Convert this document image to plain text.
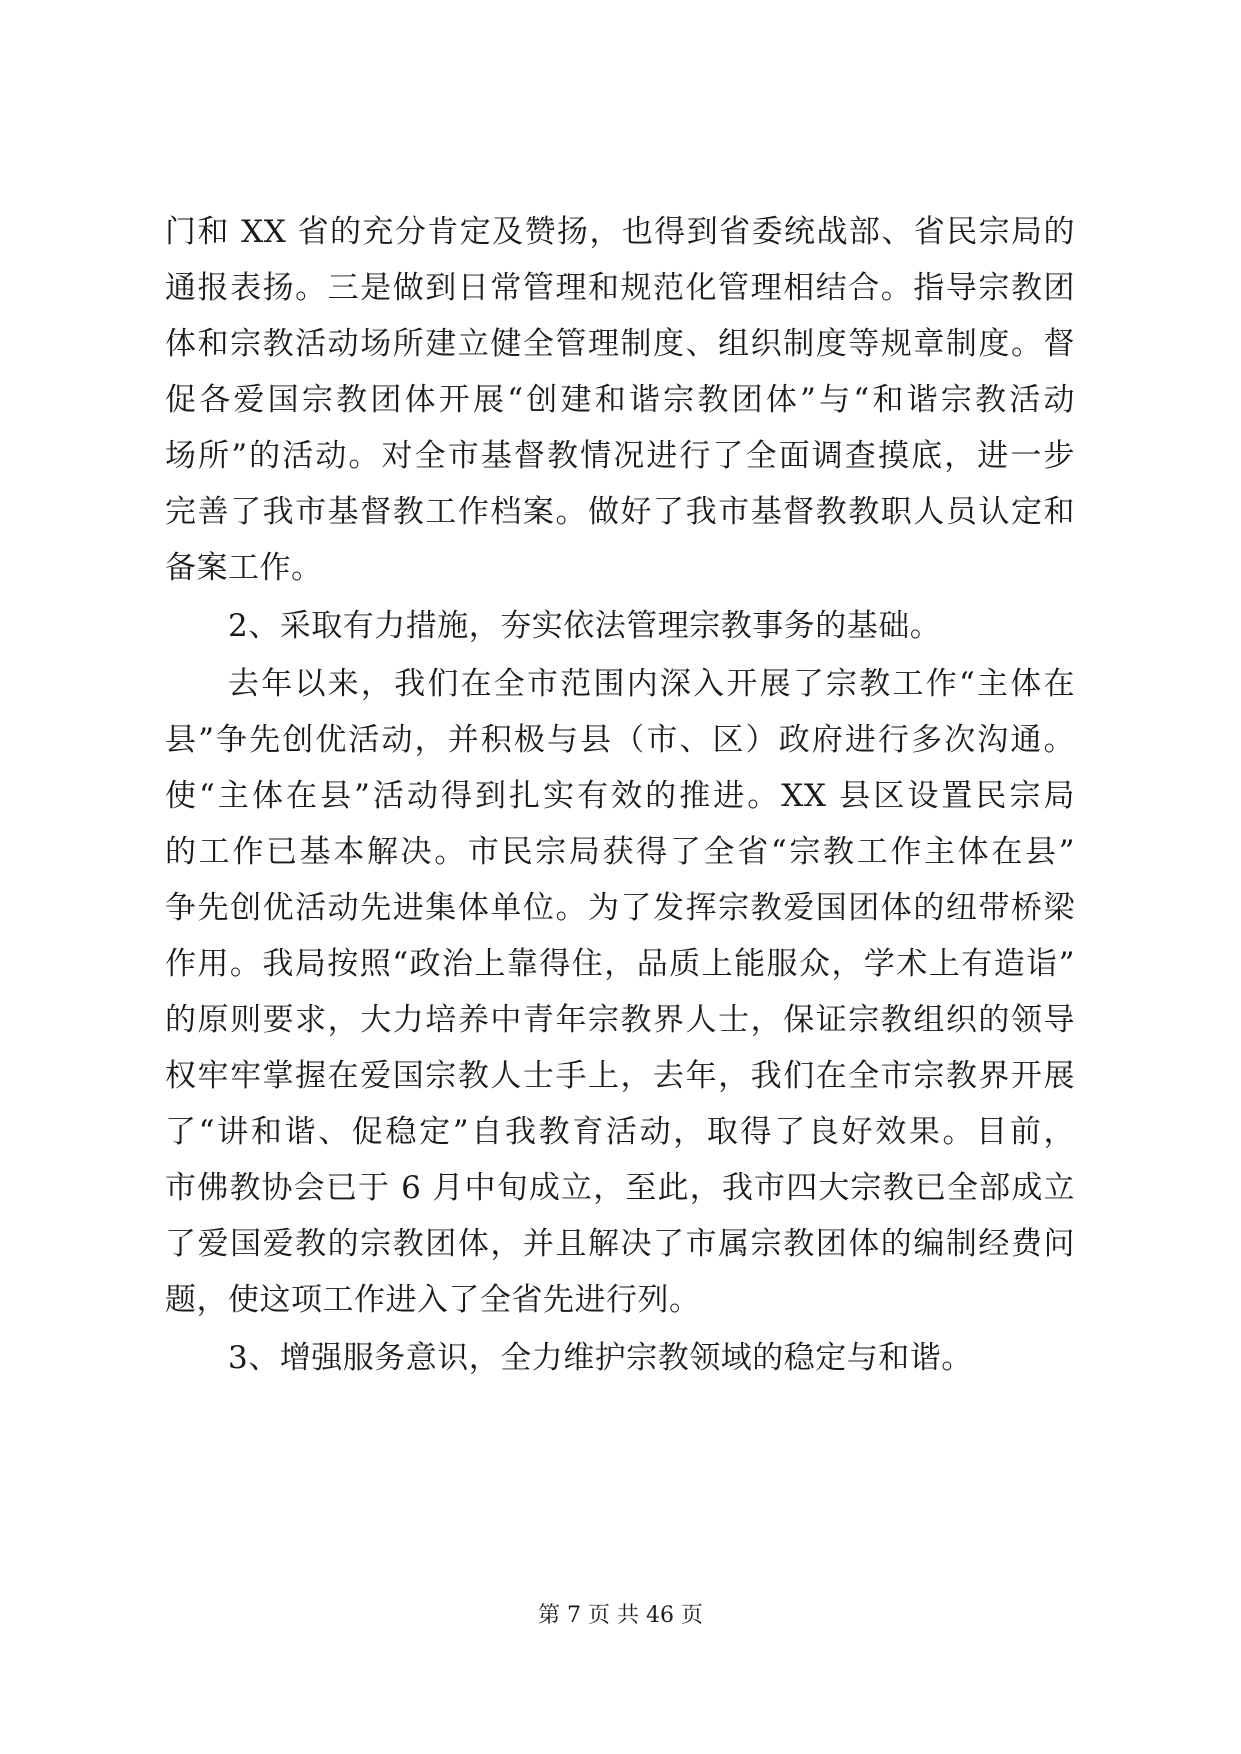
门和 XX 省的充分肯定及赞扬，也得到省委统战部、省民宗局的
通报表扬。三是做到日常管理和规范化管理相结合。指导宗教团
体和宗教活动场所建立健全管理制度、组织制度等规章制度。督
促各爱国宗教团体开展“创建和谐宗教团体”与“和谐宗教活动
场所”的活动。对全市基督教情况进行了全面调查摸底，进一步
完善了我市基督教工作档案。做好了我市基督教教职人员认定和
备案工作。
2、采取有力措施，夯实依法管理宗教事务的基础。
去年以来，我们在全市范围内深入开展了宗教工作“主体在
县”争先创优活动，并积极与县（市、区）政府进行多次沟通。
使“主体在县”活动得到扎实有效的推进。XX 县区设置民宗局
的工作已基本解决。市民宗局获得了全省“宗教工作主体在县”
争先创优活动先进集体单位。为了发挥宗教爱国团体的纽带桥梁
作用。我局按照“政治上靠得住，品质上能服众，学术上有造诣”
的原则要求，大力培养中青年宗教界人士，保证宗教组织的领导
权牢牢掌握在爱国宗教人士手上，去年，我们在全市宗教界开展
了“讲和谐、促稳定”自我教育活动，取得了良好效果。目前，
市佛教协会已于 6 月中旬成立，至此，我市四大宗教已全部成立
了爱国爱教的宗教团体，并且解决了市属宗教团体的编制经费问
题，使这项工作进入了全省先进行列。
3、增强服务意识，全力维护宗教领域的稳定与和谐。
第 7 页 共 46 页
